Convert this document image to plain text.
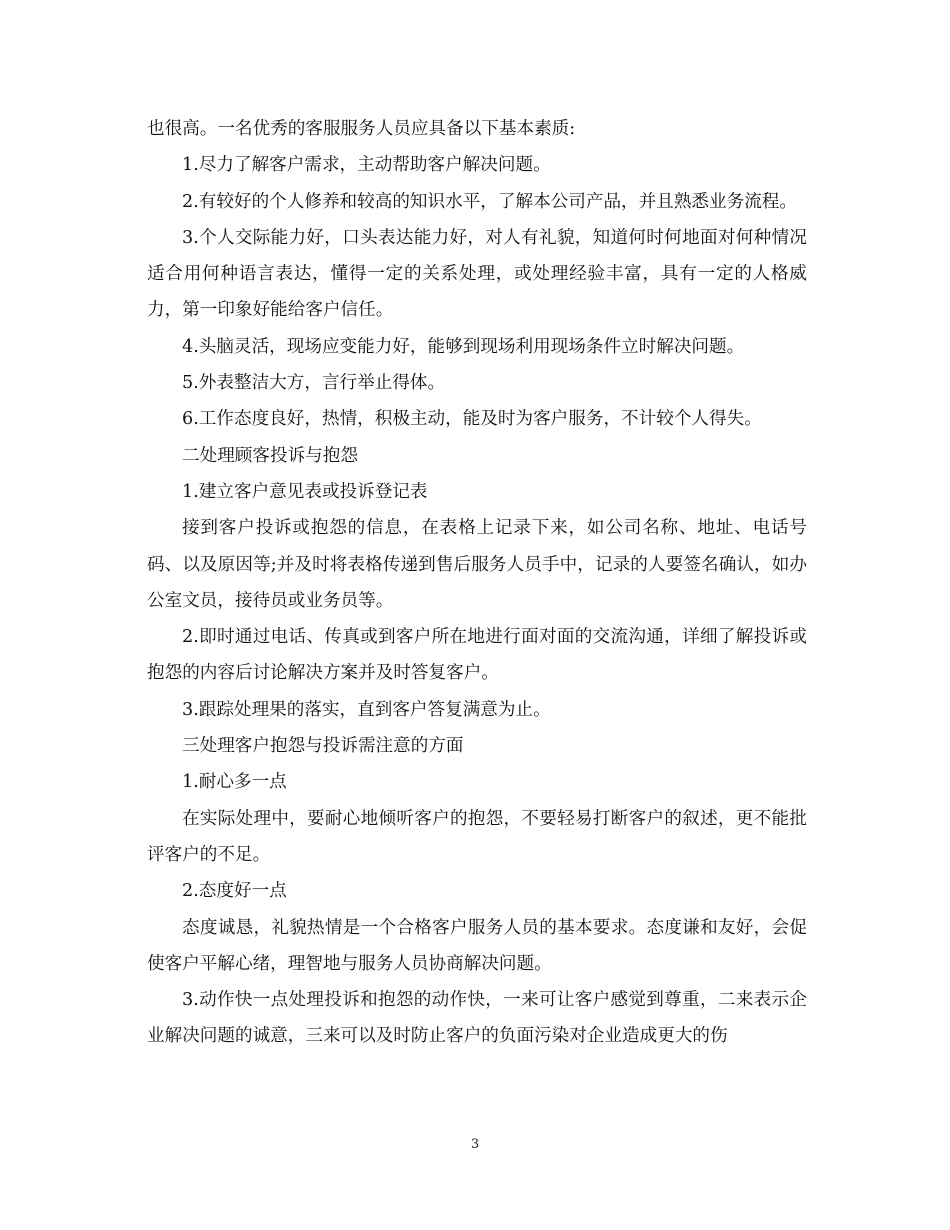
也很高。一名优秀的客服服务人员应具备以下基本素质:

1.尽力了解客户需求，主动帮助客户解决问题。

2.有较好的个人修养和较高的知识水平，了解本公司产品，并且熟悉业务流程。

3.个人交际能力好，口头表达能力好，对人有礼貌，知道何时何地面对何种情况适合用何种语言表达，懂得一定的关系处理，或处理经验丰富，具有一定的人格威力，第一印象好能给客户信任。

4.头脑灵活，现场应变能力好，能够到现场利用现场条件立时解决问题。

5.外表整洁大方，言行举止得体。

6.工作态度良好，热情，积极主动，能及时为客户服务，不计较个人得失。

二处理顾客投诉与抱怨

1.建立客户意见表或投诉登记表

接到客户投诉或抱怨的信息，在表格上记录下来，如公司名称、地址、电话号码、以及原因等;并及时将表格传递到售后服务人员手中，记录的人要签名确认，如办公室文员，接待员或业务员等。

2.即时通过电话、传真或到客户所在地进行面对面的交流沟通，详细了解投诉或抱怨的内容后讨论解决方案并及时答复客户。

3.跟踪处理果的落实，直到客户答复满意为止。

三处理客户抱怨与投诉需注意的方面

1.耐心多一点

在实际处理中，要耐心地倾听客户的抱怨，不要轻易打断客户的叙述，更不能批评客户的不足。

2.态度好一点

态度诚恳，礼貌热情是一个合格客户服务人员的基本要求。态度谦和友好，会促使客户平解心绪，理智地与服务人员协商解决问题。

3.动作快一点处理投诉和抱怨的动作快，一来可让客户感觉到尊重，二来表示企业解决问题的诚意，三来可以及时防止客户的负面污染对企业造成更大的伤

3
